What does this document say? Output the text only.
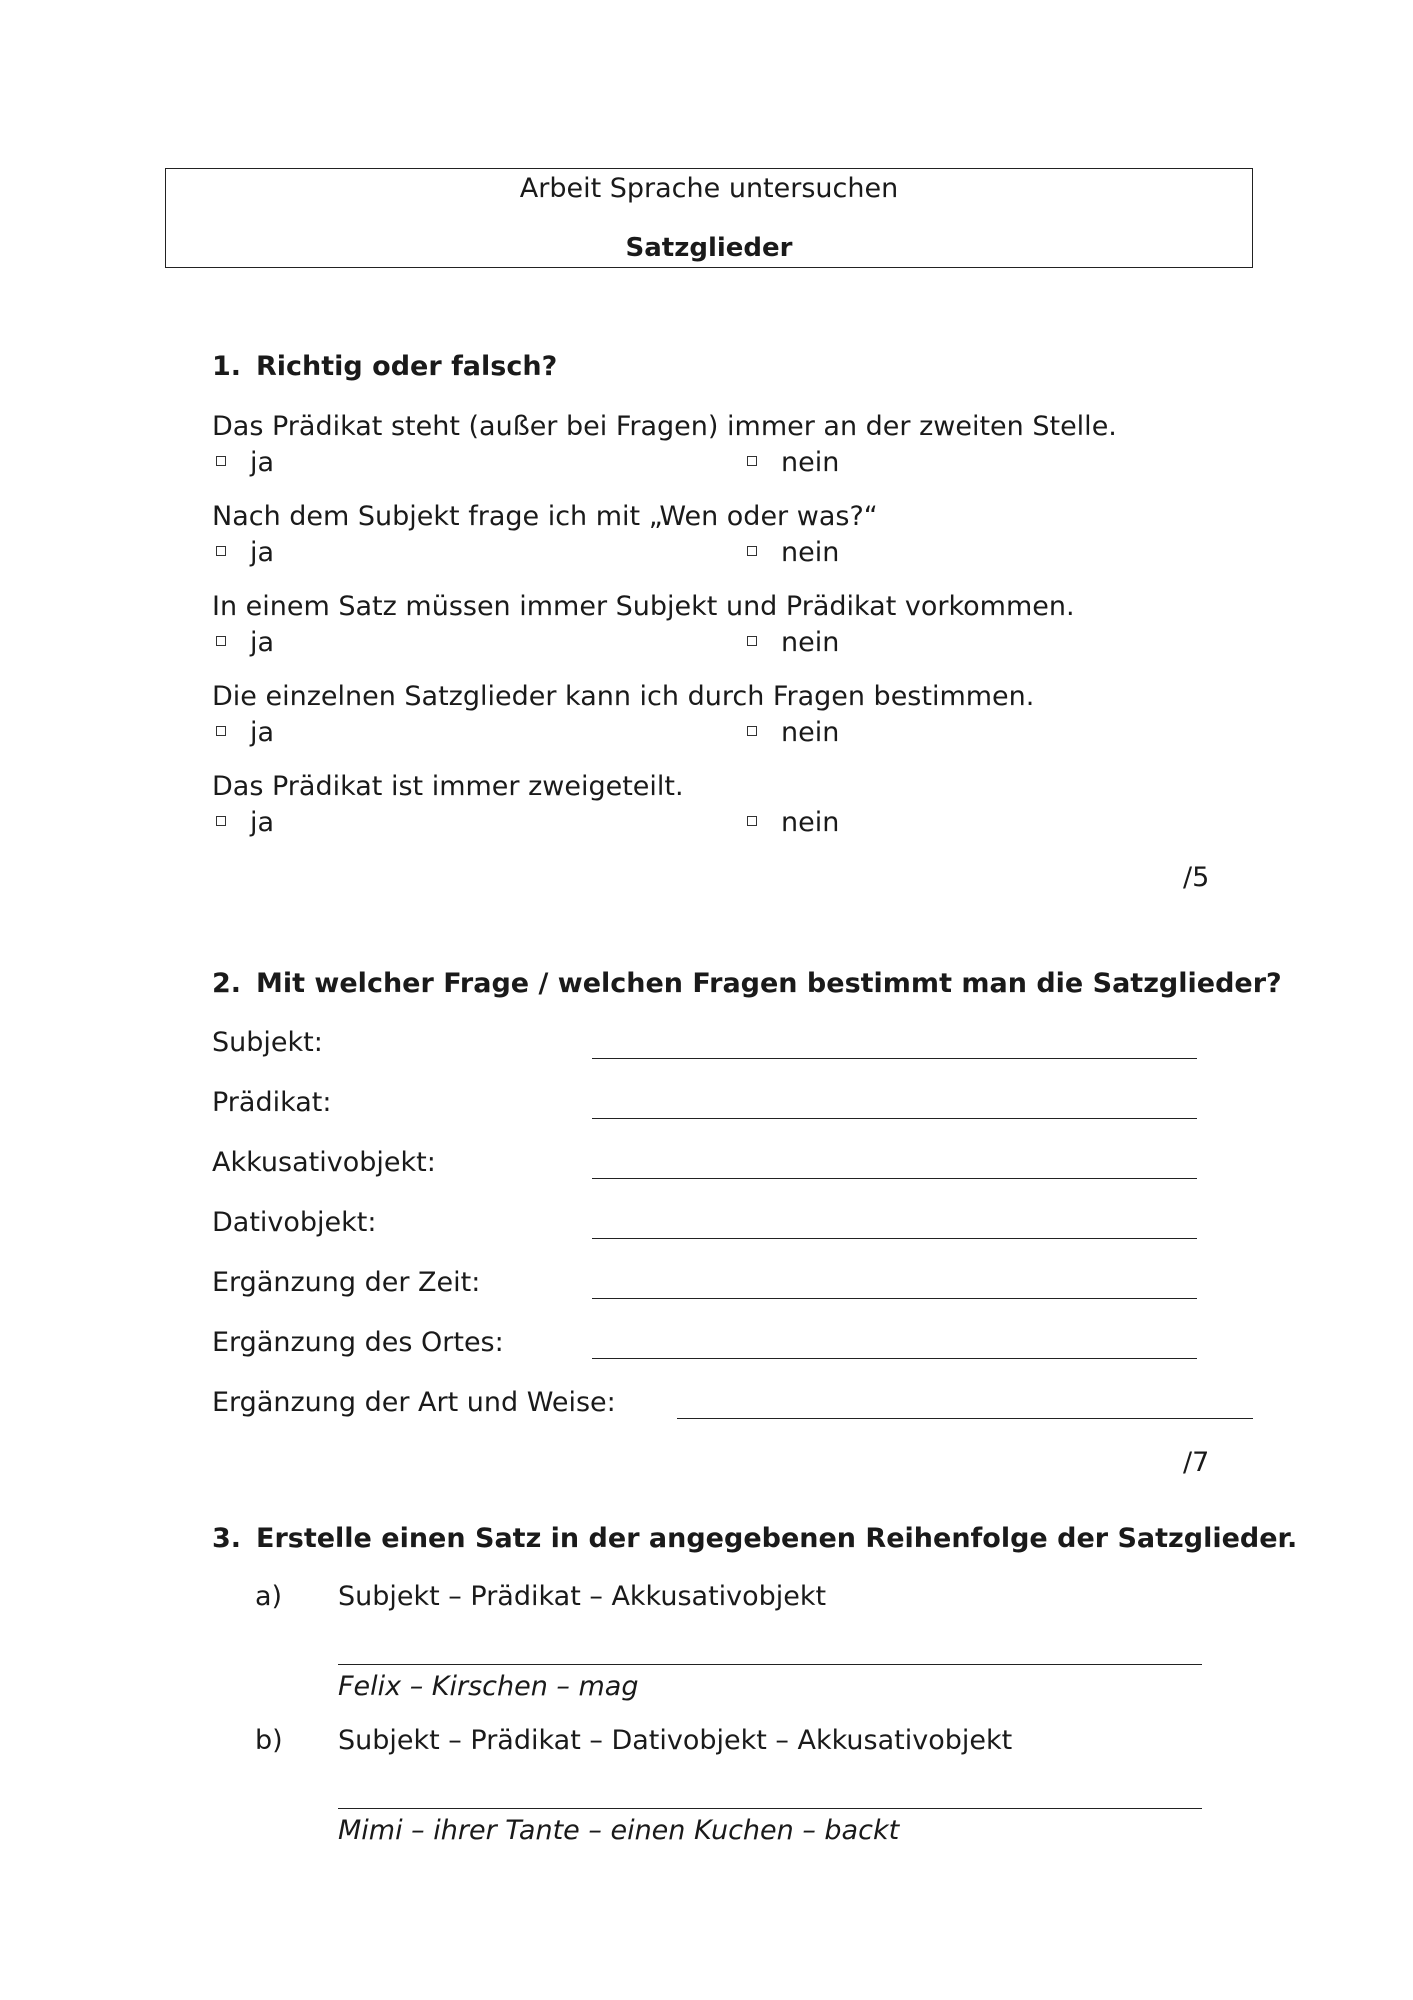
Arbeit Sprache untersuchen
Satzglieder
1. Richtig oder falsch?
Das Prädikat steht (außer bei Fragen) immer an der zweiten Stelle.
ja	nein
Nach dem Subjekt frage ich mit „Wen oder was?“
ja	nein
In einem Satz müssen immer Subjekt und Prädikat vorkommen.
ja	nein
Die einzelnen Satzglieder kann ich durch Fragen bestimmen.
ja	nein
Das Prädikat ist immer zweigeteilt.
ja	nein
/5
2. Mit welcher Frage / welchen Fragen bestimmt man die Satzglieder?
Subjekt:
Prädikat:
Akkusativobjekt:
Dativobjekt:
Ergänzung der Zeit:
Ergänzung des Ortes:
Ergänzung der Art und Weise:
/7
3. Erstelle einen Satz in der angegebenen Reihenfolge der Satzglieder.
a) Subjekt – Prädikat – Akkusativobjekt
Felix – Kirschen – mag
b) Subjekt – Prädikat – Dativobjekt – Akkusativobjekt
Mimi – ihrer Tante – einen Kuchen – backt
